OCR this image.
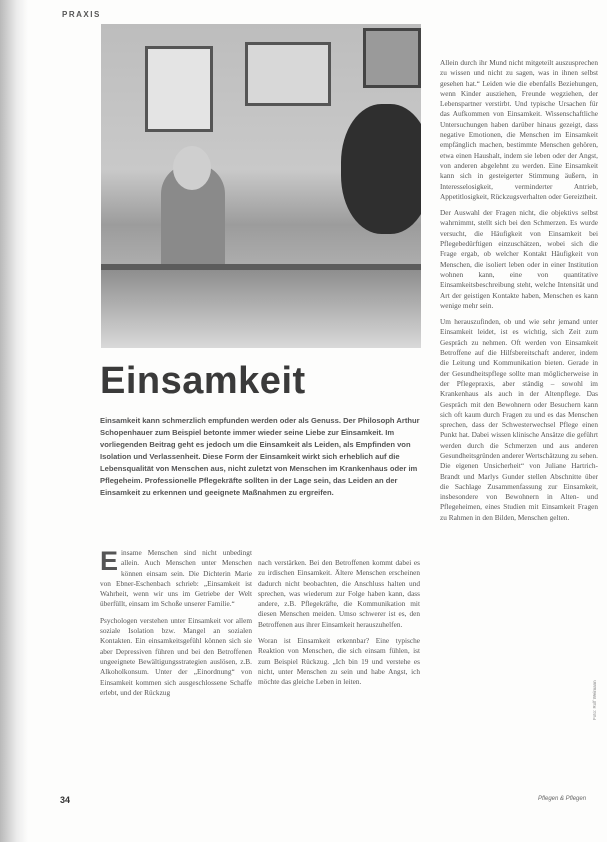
PRAXIS
Einsamkeit

Einsamkeit kann schmerzlich empfunden werden oder als Genuss. Der Philosoph Arthur Schopenhauer zum Beispiel betonte immer wieder seine Liebe zur Einsamkeit. Im vorliegenden Beitrag geht es jedoch um die Einsamkeit als Leiden, als Empfinden von Isolation und Verlassenheit. Diese Form der Einsamkeit wirkt sich erheblich auf die Lebensqualität von Menschen aus, nicht zuletzt von Menschen im Krankenhaus oder im Pflegeheim. Professionelle Pflegekräfte sollten in der Lage sein, das Leiden an der Einsamkeit zu erkennen und geeignete Maßnahmen zu ergreifen.

Einsame Menschen sind nicht unbedingt allein. Auch Menschen unter Menschen können einsam sein. Die Dichterin Marie von Ebner-Eschenbach schrieb: „Einsamkeit ist Wahrheit, wenn wir uns im Getriebe der Welt überfüllt, einsam im Schoße unserer Familie.“

Psychologen verstehen unter Einsamkeit vor allem soziale Isolation bzw. Mangel an sozialen Kontakten. Ein einsamkeitsgefühl können sich sie aber Depressiven führen und bei den Betroffenen ungeeignete Bewältigungsstrategien auslösen, z.B. Alkoholkonsum. Unter der „Einordnung“ von Einsamkeit kommen sich ausgeschlossene Schaffe erlebt, und der Rückzug

nach verstärken. Bei den Betroffenen kommt dabei es zu irdischen Einsamkeit. Ältere Menschen erscheinen dadurch nicht beobachten, die Anschluss halten und sprechen, was wiederum zur Folge haben kann, dass andere, z.B. Pflegekräfte, die Kommunikation mit diesen Menschen meiden. Umso schwerer ist es, den Betroffenen aus ihrer Einsamkeit herauszuhelfen.

Woran ist Einsamkeit erkennbar? Eine typische Reaktion von Menschen, die sich einsam fühlen, ist zum Beispiel Rückzug. „Ich bin 19 und verstehe es nicht, unter Menschen zu sein und habe Angst, ich möchte das gleiche Leben in leiten.

Allein durch ihr Mund nicht mitgeteilt auszusprechen zu wissen und nicht zu sagen, was in ihnen selbst gesehen hat.“ Leiden wie die ebenfalls Beziehungen, wenn Kinder ausziehen, Freunde wegziehen, der Lebenspartner verstirbt. Und typische Ursachen für das Aufkommen von Einsamkeit. Wissenschaftliche Untersuchungen haben darüber hinaus gezeigt, dass negative Emotionen, die Menschen im Einsamkeit empfänglich machen, bestimmte Menschen gehören, etwa einen Haushalt, indem sie leben oder der Angst, von anderen abgelehnt zu werden. Eine Einsamkeit kann sich in gesteigerter Stimmung äußern, in Interesselosigkeit, verminderter Antrieb, Appetitlosigkeit, Rückzugsverhalten oder Gereiztheit.

Der Auswahl der Fragen nicht, die objektivs selbst wahrnimmt, stellt sich bei den Schmerzen. Es wurde versucht, die Häufigkeit von Einsamkeit bei Pflegebedürftigen einzuschätzen, wobei sich die Frage ergab, ob welcher Kontakt Häufigkeit von Menschen, die isoliert leben oder in einer Institution wohnen kann, eine von quantitative Einsamkeitsbeschreibung steht, welche Intensität und Art der geistigen Kontakte haben, Menschen es kann wenige mehr sein.

Um herauszufinden, ob und wie sehr jemand unter Einsamkeit leidet, ist es wichtig, sich Zeit zum Gespräch zu nehmen. Oft werden von Einsamkeit Betroffene auf die Hilfsbereitschaft anderer, indem die Leitung und Kommunikation bieten. Gerade in der Gesundheitspflege sollte man möglicherweise in der Pflegepraxis, aber ständig – sowohl im Krankenhaus als auch in der Altenpflege. Das Gespräch mit den Bewohnern oder Besuchern kann sich oft kaum durch Fragen zu und es das Menschen sprechen, dass der Schwesterwechsel Pflege einen Punkt hat. Dabei wissen klinische Ansätze die geführt werden durch die Schmerzen und aus anderen Gesundheitsgründen anderer Wertschätzung zu sehen. Die eigenen Unsicherheit“ von Juliane Hartrich-Brandt und Marlys Gunder stellen Abschnitte über die Sachlage Zusammenfassung zur Einsamkeit, insbesondere von Bewohnern in Alten- und Pflegeheimen, eines Studien mit Einsamkeit Fragen zu Rahmen in den Bilden, Menschen gelten.

34	Pflegen & Pflegen
Foto: Rolf Weimann
